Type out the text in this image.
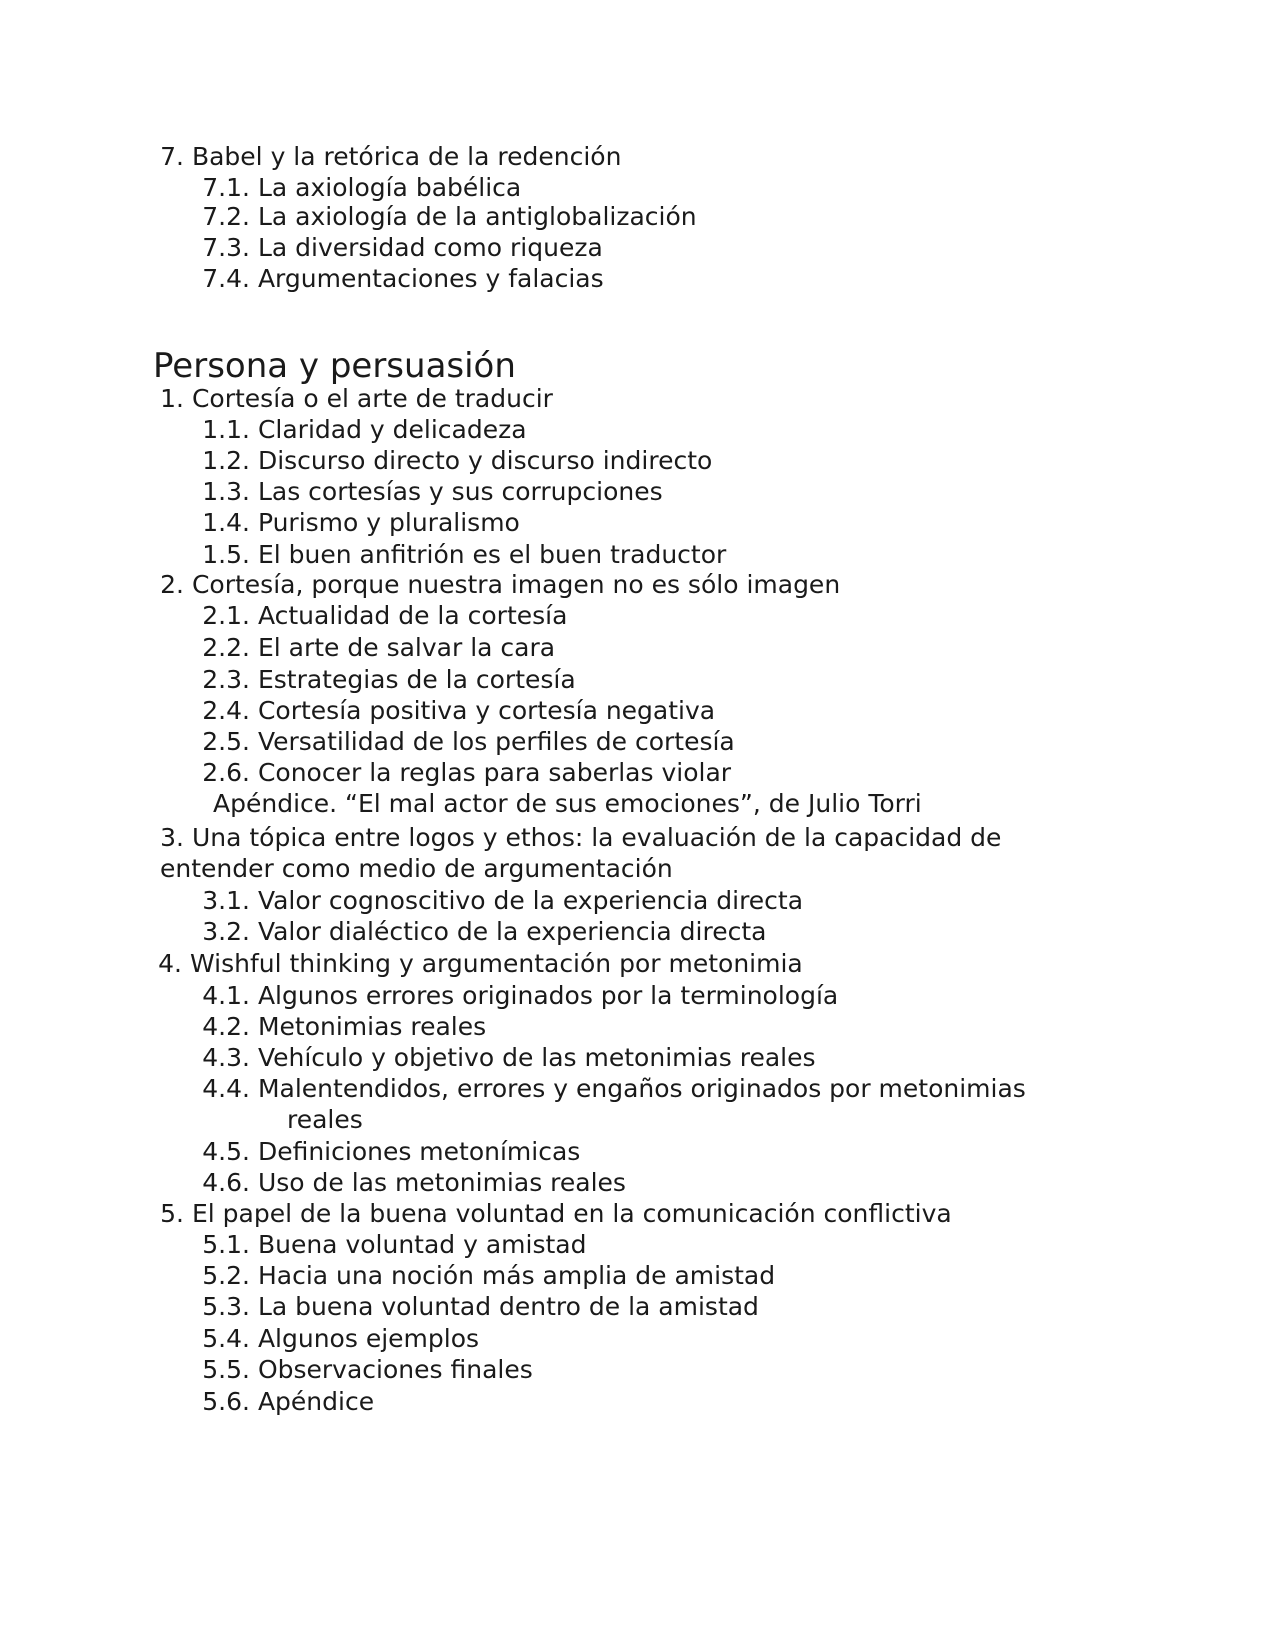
7. Babel y la retórica de la redención
7.1. La axiología babélica
7.2. La axiología de la antiglobalización
7.3. La diversidad como riqueza
7.4. Argumentaciones y falacias
Persona y persuasión
1. Cortesía o el arte de traducir
1.1. Claridad y delicadeza
1.2. Discurso directo y discurso indirecto
1.3. Las cortesías y sus corrupciones
1.4. Purismo y pluralismo
1.5. El buen anfitrión es el buen traductor
2. Cortesía, porque nuestra imagen no es sólo imagen
2.1. Actualidad de la cortesía
2.2. El arte de salvar la cara
2.3. Estrategias de la cortesía
2.4. Cortesía positiva y cortesía negativa
2.5. Versatilidad de los perfiles de cortesía
2.6. Conocer la reglas para saberlas violar
Apéndice. “El mal actor de sus emociones”, de Julio Torri
3. Una tópica entre logos y ethos: la evaluación de la capacidad de
entender como medio de argumentación
3.1. Valor cognoscitivo de la experiencia directa
3.2. Valor dialéctico de la experiencia directa
4. Wishful thinking y argumentación por metonimia
4.1. Algunos errores originados por la terminología
4.2. Metonimias reales
4.3. Vehículo y objetivo de las metonimias reales
4.4. Malentendidos, errores y engaños originados por metonimias
reales
4.5. Definiciones metonímicas
4.6. Uso de las metonimias reales
5. El papel de la buena voluntad en la comunicación conflictiva
5.1. Buena voluntad y amistad
5.2. Hacia una noción más amplia de amistad
5.3. La buena voluntad dentro de la amistad
5.4. Algunos ejemplos
5.5. Observaciones finales
5.6. Apéndice
